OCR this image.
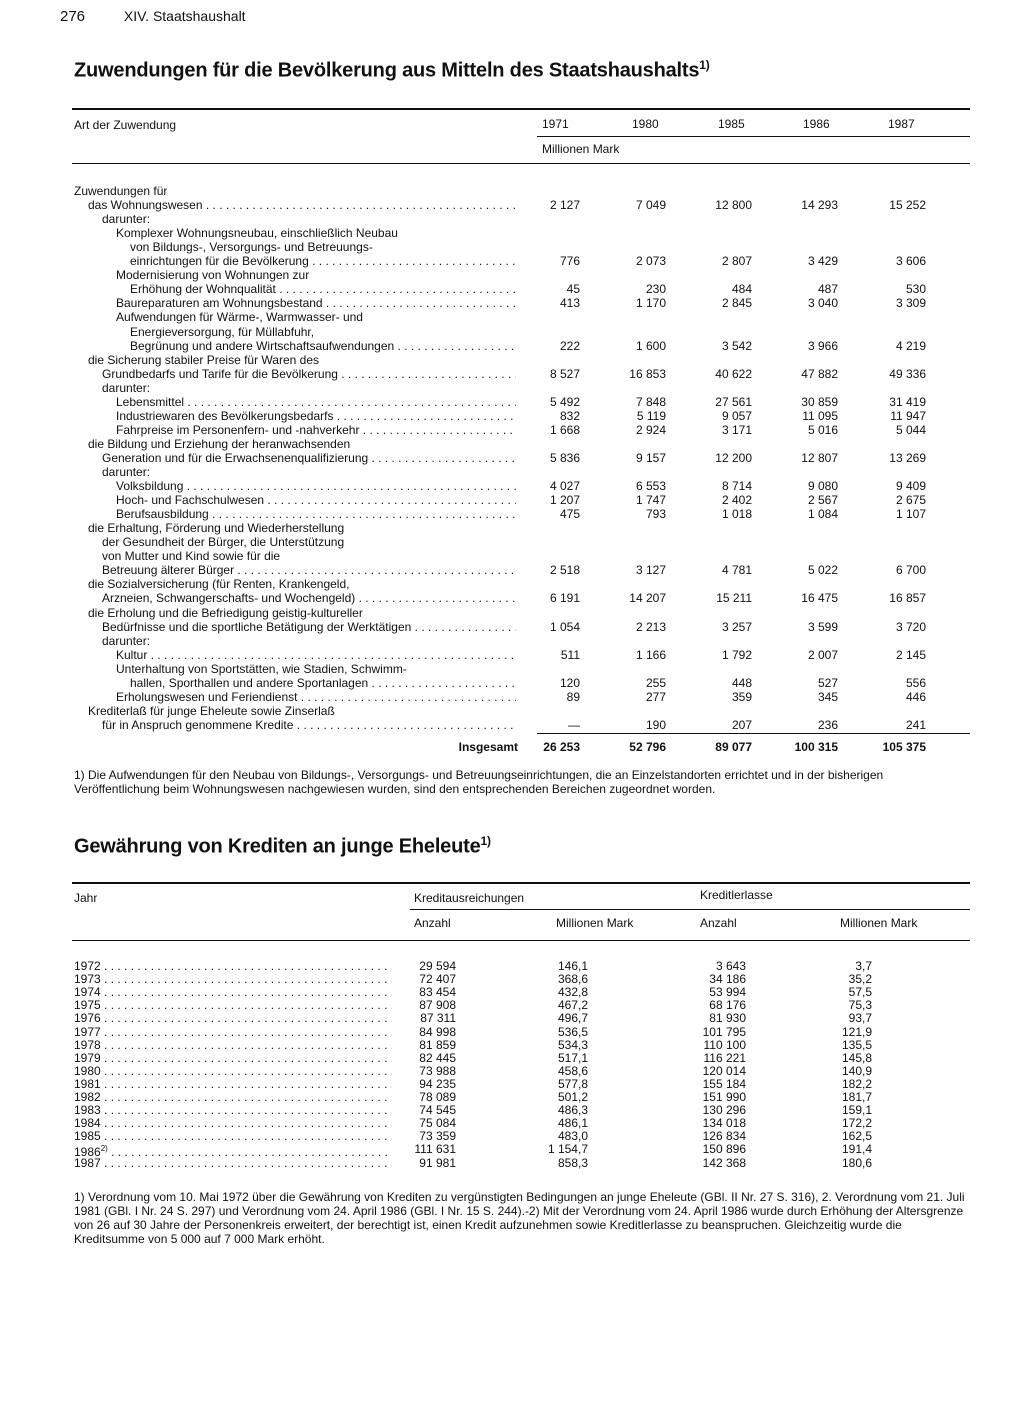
276	XIV. Staatshaushalt
Zuwendungen für die Bevölkerung aus Mitteln des Staatshaushalts$^{1)}$
Art der Zuwendung
Millionen Mark
1971	1980	1985	1986	1987
Zuwendungen für
das Wohnungswesen . . .	2 127	7 049	12 800	14 293	15 252
darunter:
Komplexer Wohnungsneubau, einschließlich Neubau
von Bildungs-, Versorgungs- und Betreuungs-
einrichtungen für die Bevölkerung . . .	776	2 073	2 807	3 429	3 606
Modernisierung von Wohnungen zur
Erhöhung der Wohnqualität . . .	45	230	484	487	530
Baureparaturen am Wohnungsbestand . . .	413	1 170	2 845	3 040	3 309
Aufwendungen für Wärme-, Warmwasser- und
Energieversorgung, für Müllabfuhr,
Begrünung und andere Wirtschaftsaufwendungen . . .	222	1 600	3 542	3 966	4 219
die Sicherung stabiler Preise für Waren des
Grundbedarfs und Tarife für die Bevölkerung . . .	8 527	16 853	40 622	47 882	49 336
darunter:
Lebensmittel . . .	5 492	7 848	27 561	30 859	31 419
Industriewaren des Bevölkerungsbedarfs . . .	832	5 119	9 057	11 095	11 947
Fahrpreise im Personenfern- und -nahverkehr . . .	1 668	2 924	3 171	5 016	5 044
die Bildung und Erziehung der heranwachsenden
Generation und für die Erwachsenenqualifizierung . . .	5 836	9 157	12 200	12 807	13 269
darunter:
Volksbildung . . .	4 027	6 553	8 714	9 080	9 409
Hoch- und Fachschulwesen . . .	1 207	1 747	2 402	2 567	2 675
Berufsausbildung . . .	475	793	1 018	1 084	1 107
die Erhaltung, Förderung und Wiederherstellung
der Gesundheit der Bürger, die Unterstützung
von Mutter und Kind sowie für die
Betreuung älterer Bürger . . .	2 518	3 127	4 781	5 022	6 700
die Sozialversicherung (für Renten, Krankengeld,
Arzneien, Schwangerschafts- und Wochengeld) . . .	6 191	14 207	15 211	16 475	16 857
die Erholung und die Befriedigung geistig-kultureller
Bedürfnisse und die sportliche Betätigung der Werktätigen . . .	1 054	2 213	3 257	3 599	3 720
darunter:
Kultur . . .	511	1 166	1 792	2 007	2 145
Unterhaltung von Sportstätten, wie Stadien, Schwimm-
hallen, Sporthallen und andere Sportanlagen . . .	120	255	448	527	556
Erholungswesen und Feriendienst . . .	89	277	359	345	446
Krediterlaß für junge Eheleute sowie Zinserlaß
für in Anspruch genommene Kredite . . .	—	190	207	236	241
Insgesamt	26 253	52 796	89 077	100 315	105 375
1) Die Aufwendungen für den Neubau von Bildungs-, Versorgungs- und Betreuungseinrichtungen, die an Einzelstandorten errichtet und in der bisherigen Veröffentlichung beim Wohnungswesen nachgewiesen wurden, sind den entsprechenden Bereichen zugeordnet worden.
Gewährung von Krediten an junge Eheleute$^{1)}$
Jahr	Kreditausreichungen	Kreditlerlasse
Anzahl	Millionen Mark	Anzahl	Millionen Mark
1972 . . .	29 594	146,1	3 643	3,7
1973 . . .	72 407	368,6	34 186	35,2
1974 . . .	83 454	432,8	53 994	57,5
1975 . . .	87 908	467,2	68 176	75,3
1976 . . .	87 311	496,7	81 930	93,7
1977 . . .	84 998	536,5	101 795	121,9
1978 . . .	81 859	534,3	110 100	135,5
1979 . . .	82 445	517,1	116 221	145,8
1980 . . .	73 988	458,6	120 014	140,9
1981 . . .	94 235	577,8	155 184	182,2
1982 . . .	78 089	501,2	151 990	181,7
1983 . . .	74 545	486,3	130 296	159,1
1984 . . .	75 084	486,1	134 018	172,2
1985 . . .	73 359	483,0	126 834	162,5
1986$^{2)}$ . . .	111 631	1 154,7	150 896	191,4
1987 . . .	91 981	858,3	142 368	180,6
1) Verordnung vom 10. Mai 1972 über die Gewährung von Krediten zu vergünstigten Bedingungen an junge Eheleute (GBl. II Nr. 27 S. 316), 2. Verordnung vom 21. Juli 1981 (GBl. I Nr. 24 S. 297) und Verordnung vom 24. April 1986 (GBl. I Nr. 15 S. 244).-2) Mit der Verordnung vom 24. April 1986 wurde durch Erhöhung der Altersgrenze von 26 auf 30 Jahre der Personenkreis erweitert, der berechtigt ist, einen Kredit aufzunehmen sowie Kreditlerlasse zu beanspruchen. Gleichzeitig wurde die Kreditsumme von 5 000 auf 7 000 Mark erhöht.
